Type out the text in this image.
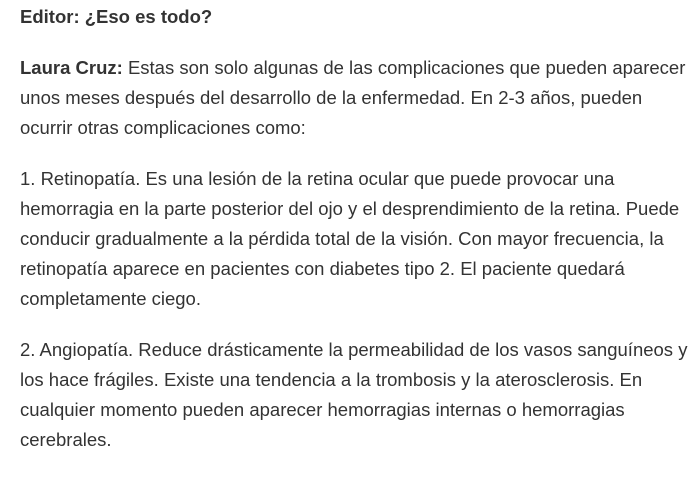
Editor: ¿Eso es todo?

Laura Cruz: Estas son solo algunas de las complicaciones que pueden aparecer unos meses después del desarrollo de la enfermedad. En 2-3 años, pueden ocurrir otras complicaciones como:

1. Retinopatía. Es una lesión de la retina ocular que puede provocar una hemorragia en la parte posterior del ojo y el desprendimiento de la retina. Puede conducir gradualmente a la pérdida total de la visión. Con mayor frecuencia, la retinopatía aparece en pacientes con diabetes tipo 2. El paciente quedará completamente ciego.

2. Angiopatía. Reduce drásticamente la permeabilidad de los vasos sanguíneos y los hace frágiles. Existe una tendencia a la trombosis y la aterosclerosis. En cualquier momento pueden aparecer hemorragias internas o hemorragias cerebrales.
